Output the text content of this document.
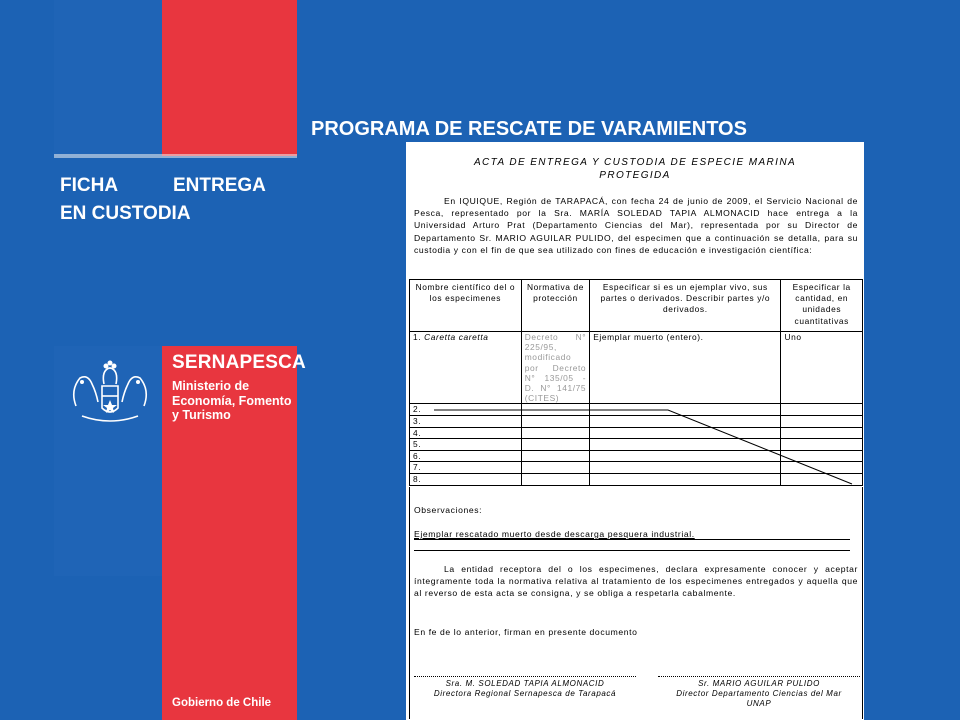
PROGRAMA DE RESCATE DE VARAMIENTOS
FICHA	ENTREGA
EN CUSTODIA
SERNAPESCA
Ministerio de
Economía, Fomento
y Turismo
Gobierno de Chile
ACTA DE ENTREGA Y CUSTODIA DE ESPECIE MARINA
PROTEGIDA
En IQUIQUE, Región de TARAPACÁ, con fecha 24 de junio de 2009, el Servicio Nacional de Pesca, representado por la Sra. MARÍA SOLEDAD TAPIA ALMONACID hace entrega a la Universidad Arturo Prat (Departamento Ciencias del Mar), representada por su Director de Departamento Sr. MARIO AGUILAR PULIDO, del especimen que a continuación se detalla, para su custodia y con el fin de que sea utilizado con fines de educación e investigación científica:
Nombre científico del o los especimenes	Normativa de protección	Especificar si es un ejemplar vivo, sus partes o derivados. Describir partes y/o derivados.	Especificar la cantidad, en unidades cuantitativas
1. Caretta caretta	Decreto N° 225/95, modificado por Decreto N° 135/05 - D. N° 141/75 (CITES)	Ejemplar muerto (entero).	Uno
2.			
3.			
4.			
5.			
6.			
7.			
8.			
Observaciones:
Ejemplar rescatado muerto desde descarga pesquera industrial.
La entidad receptora del o los especimenes, declara expresamente conocer y aceptar íntegramente toda la normativa relativa al tratamiento de los especimenes entregados y aquella que al reverso de esta acta se consigna, y se obliga a respetarla cabalmente.
En fe de lo anterior, firman en presente documento
Sra. M. SOLEDAD TAPIA ALMONACID
Directora Regional Sernapesca de Tarapacá
Sr. MARIO AGUILAR PULIDO
Director Departamento Ciencias del Mar
UNAP
